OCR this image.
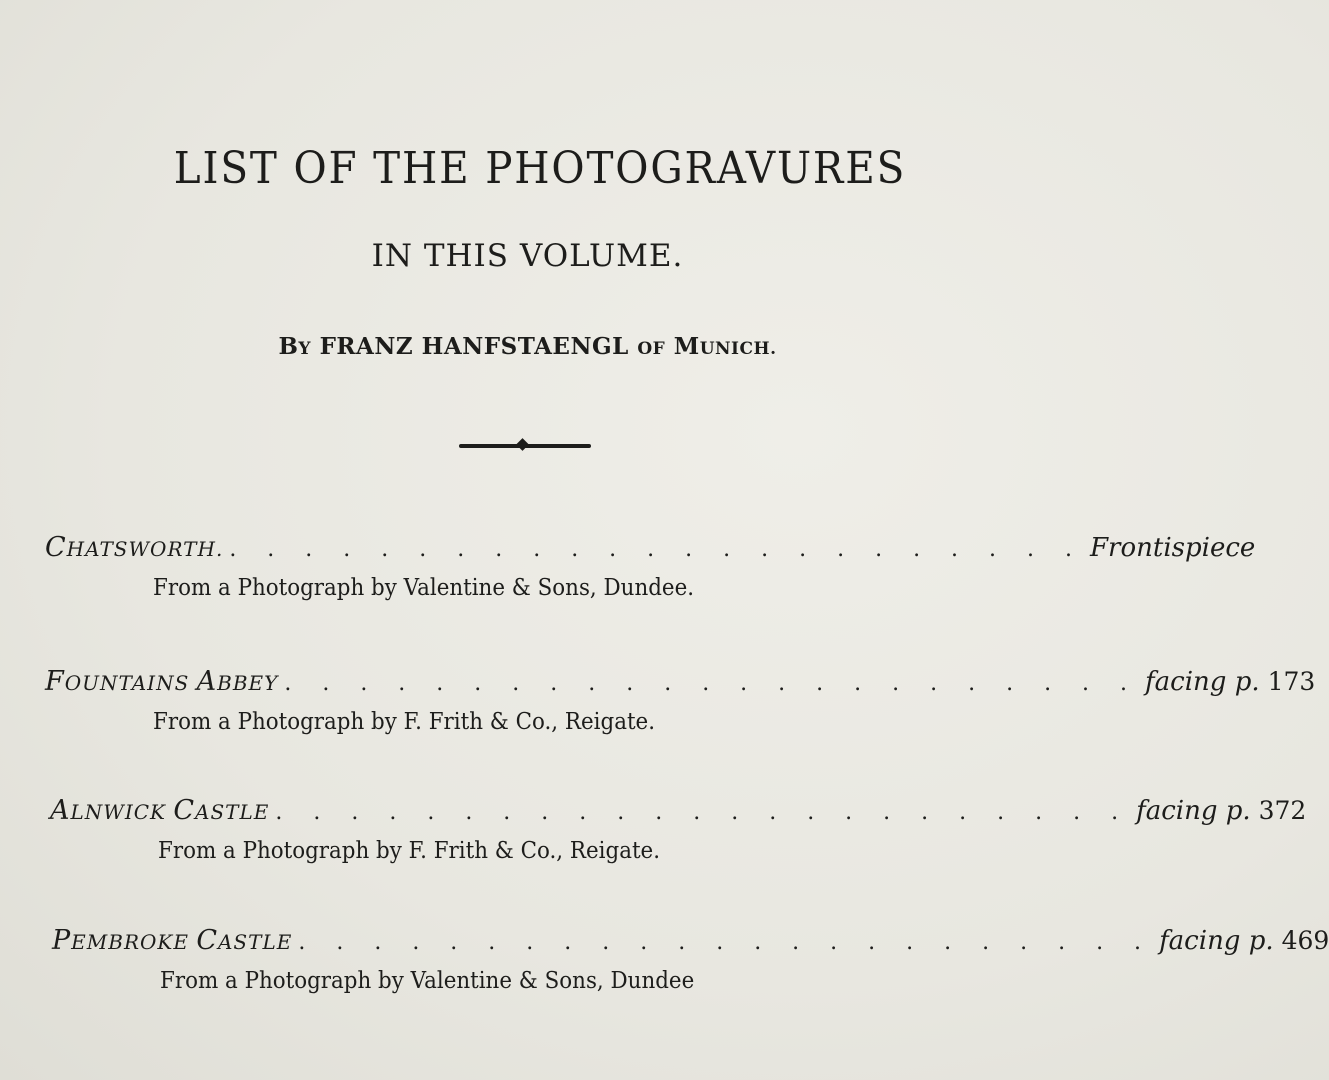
LIST OF THE PHOTOGRAVURES
IN THIS VOLUME.
BY FRANZ HANFSTAENGL OF MUNICH.
CHATSWORTH. . . . . . . . . . . . . . . . . . . . . . . . Frontispiece
From a Photograph by Valentine & Sons, Dundee.
FOUNTAINS ABBEY . . . . . . . . . . . . . . . . . . . . . . . facing p.
173
From a Photograph by F. Frith & Co., Reigate.
ALNWICK CASTLE . . . . . . . . . . . . . . . . . . . . . . . facing p.
372
From a Photograph by F. Frith & Co., Reigate.
PEMBROKE CASTLE . . . . . . . . . . . . . . . . . . . . . . . facing p.
469
From a Photograph by Valentine & Sons, Dundee
